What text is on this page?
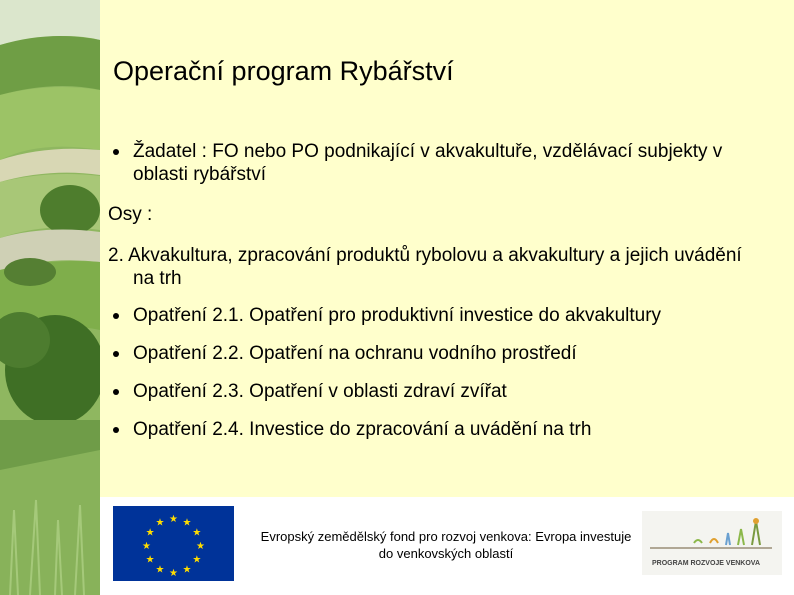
Operační program Rybářství
Žadatel : FO nebo PO podnikající v akvakultuře, vzdělávací subjekty v oblasti rybářství
Osy :
2. Akvakultura, zpracování produktů rybolovu a akvakultury a jejich uvádění na trh
Opatření 2.1. Opatření pro produktivní investice do akvakultury
Opatření 2.2. Opatření na ochranu vodního prostředí
Opatření 2.3. Opatření v oblasti zdraví zvířat
Opatření 2.4. Investice do zpracování a uvádění na trh
★ ★
★
★
★
★
★
★
★
★
★
★
Evropský zemědělský fond pro rozvoj venkova: Evropa investuje do venkovských oblastí
PROGRAM ROZVOJE VENKOVA
